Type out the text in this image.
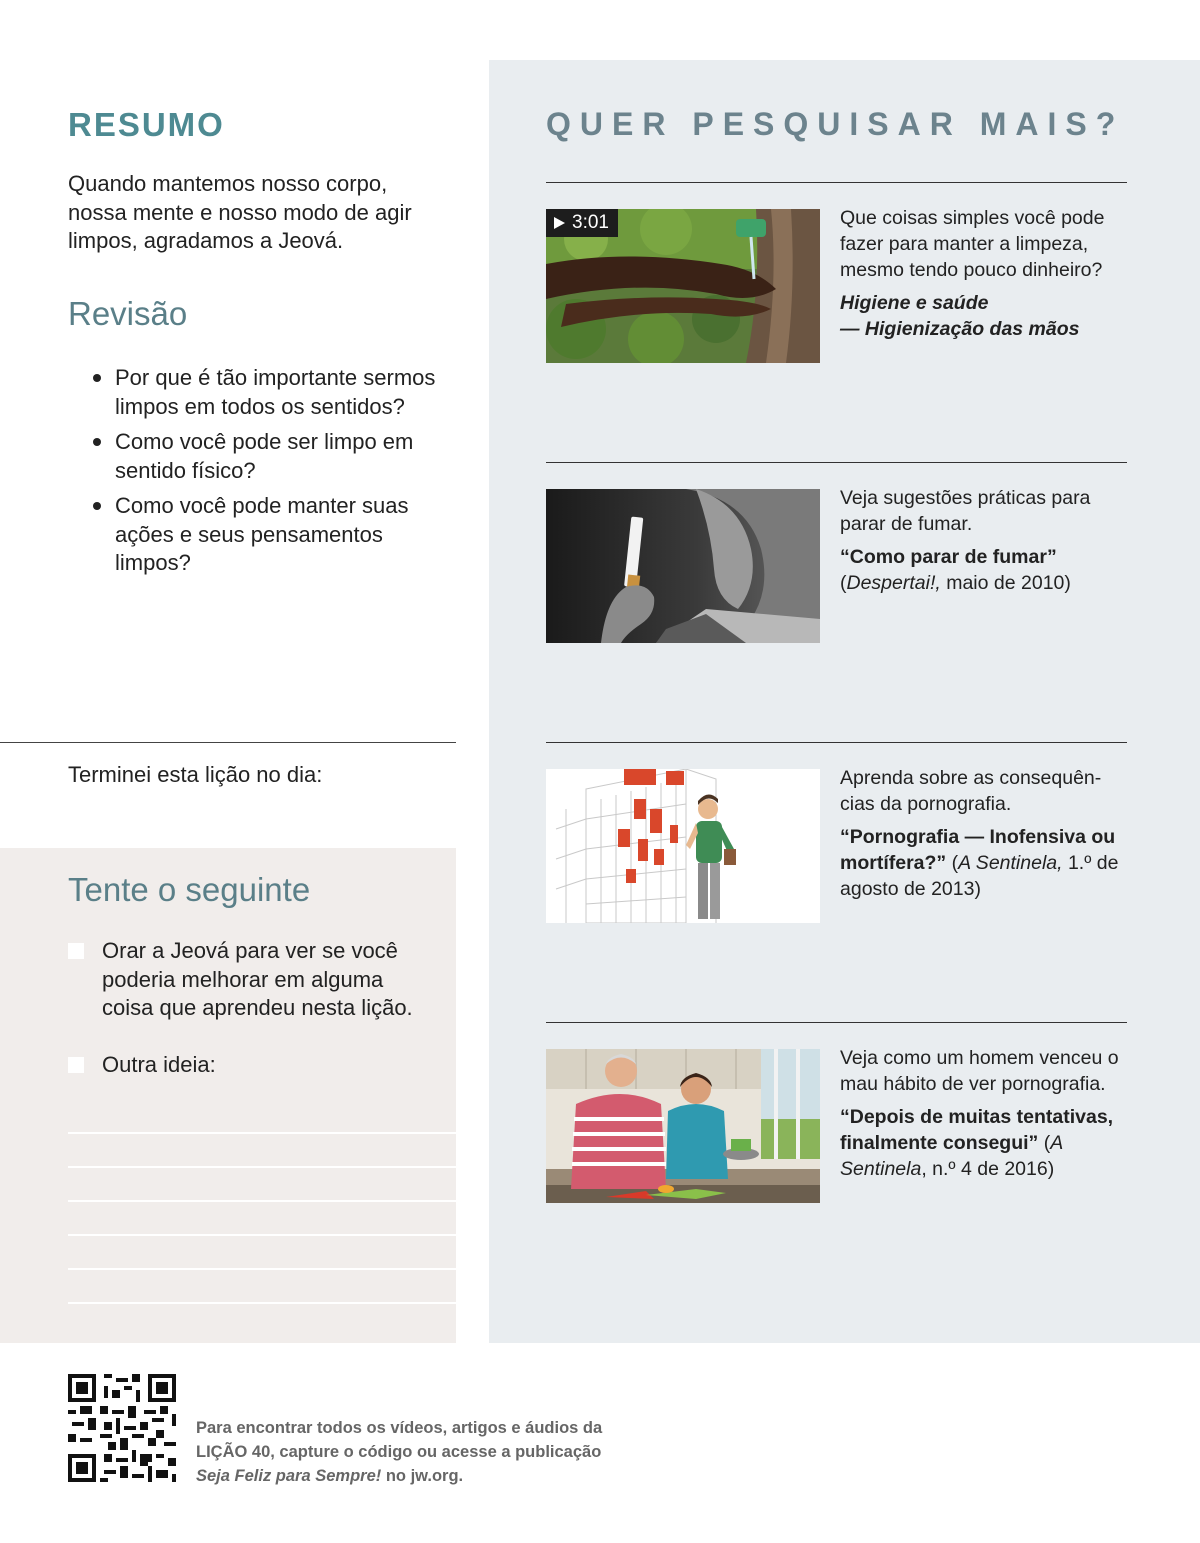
RESUMO

Quando mantemos nosso corpo, nossa mente e nosso modo de agir limpos, agradamos a Jeová.

Revisão
Por que é tão importante sermos limpos em todos os sentidos?
Como você pode ser limpo em sentido físico?
Como você pode manter suas ações e seus pensamentos limpos?

Terminei esta lição no dia:

Tente o seguinte
Orar a Jeová para ver se você poderia melhorar em alguma coisa que aprendeu nesta lição.
Outra ideia:
QUER PESQUISAR MAIS?
3:01	Que coisas simples você pode fazer para manter a limpeza, mesmo tendo pouco dinheiro?

Higiene e saúde
— Higienização das mãos

Veja sugestões práticas para parar de fumar.

“Como parar de fumar”
(Despertai!, maio de 2010)

Aprenda sobre as consequên-cias da pornografia.

“Pornografia — Inofensiva ou mortífera?” (A Sentinela, 1.º de agosto de 2013)

Veja como um homem venceu o mau hábito de ver pornografia.

“Depois de muitas tentativas, finalmente consegui” (A Sentinela, n.º 4 de 2016)

Para encontrar todos os vídeos, artigos e áudios da
LIÇÃO 40, capture o código ou acesse a publicação
Seja Feliz para Sempre! no jw.org.
